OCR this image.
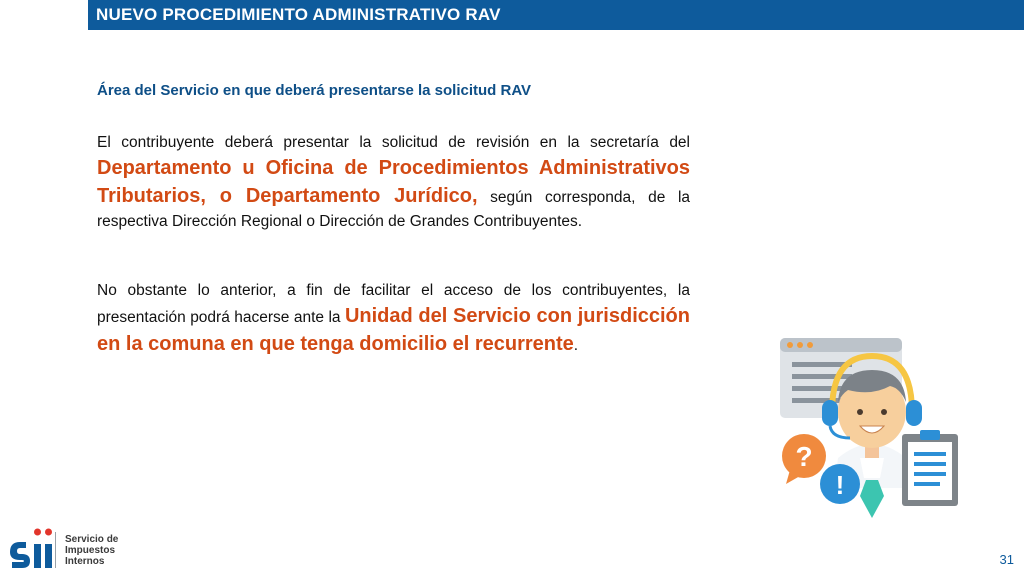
NUEVO PROCEDIMIENTO ADMINISTRATIVO RAV
Área del Servicio en que deberá presentarse la solicitud RAV

El contribuyente deberá presentar la solicitud de revisión en la secretaría del Departamento u Oficina de Procedimientos Administrativos Tributarios, o Departamento Jurídico, según corresponda, de la respectiva Dirección Regional o Dirección de Grandes Contribuyentes.

No obstante lo anterior, a fin de facilitar el acceso de los contribuyentes, la presentación podrá hacerse ante la Unidad del Servicio con jurisdicción en la comuna en que tenga domicilio el recurrente.

?
!
Servicio de
Impuestos
Internos	31
